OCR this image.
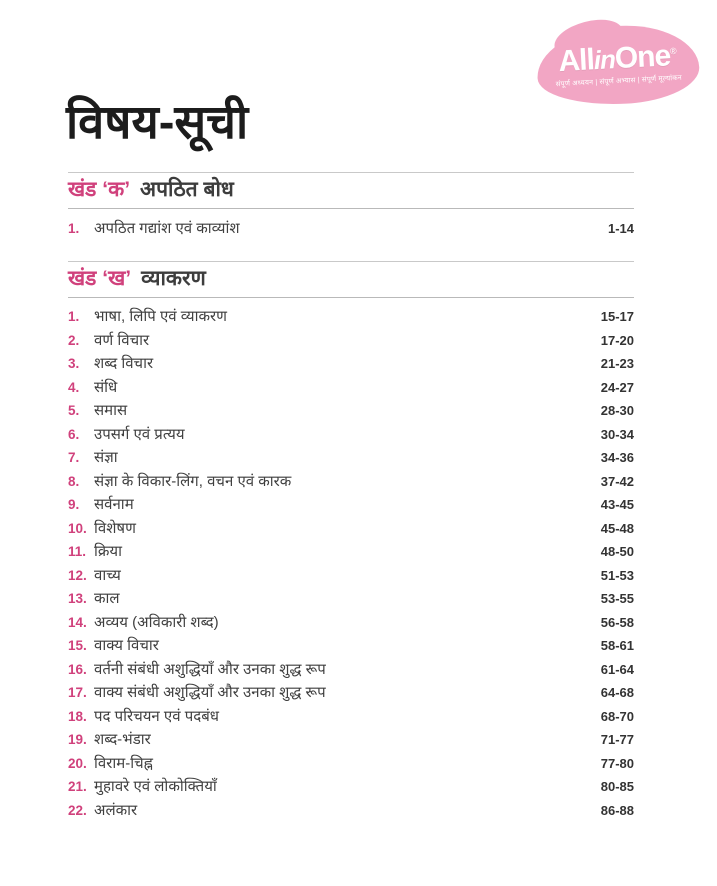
AllinOne®
संपूर्ण अध्ययन | संपूर्ण अभ्यास | संपूर्ण मूल्यांकन
विषय-सूची
खंड ‘क’ अपठित बोध
1. अपठित गद्यांश एवं काव्यांश	1-14
खंड ‘ख’ व्याकरण
1. भाषा, लिपि एवं व्याकरण	15-17
2. वर्ण विचार	17-20
3. शब्द विचार	21-23
4. संधि	24-27
5. समास	28-30
6. उपसर्ग एवं प्रत्यय	30-34
7. संज्ञा	34-36
8. संज्ञा के विकार-लिंग, वचन एवं कारक	37-42
9. सर्वनाम	43-45
10. विशेषण	45-48
11. क्रिया	48-50
12. वाच्य	51-53
13. काल	53-55
14. अव्यय (अविकारी शब्द)	56-58
15. वाक्य विचार	58-61
16. वर्तनी संबंधी अशुद्धियाँ और उनका शुद्ध रूप	61-64
17. वाक्य संबंधी अशुद्धियाँ और उनका शुद्ध रूप	64-68
18. पद परिचयन एवं पदबंध	68-70
19. शब्द-भंडार	71-77
20. विराम-चिह्न	77-80
21. मुहावरे एवं लोकोक्तियाँ	80-85
22. अलंकार	86-88
